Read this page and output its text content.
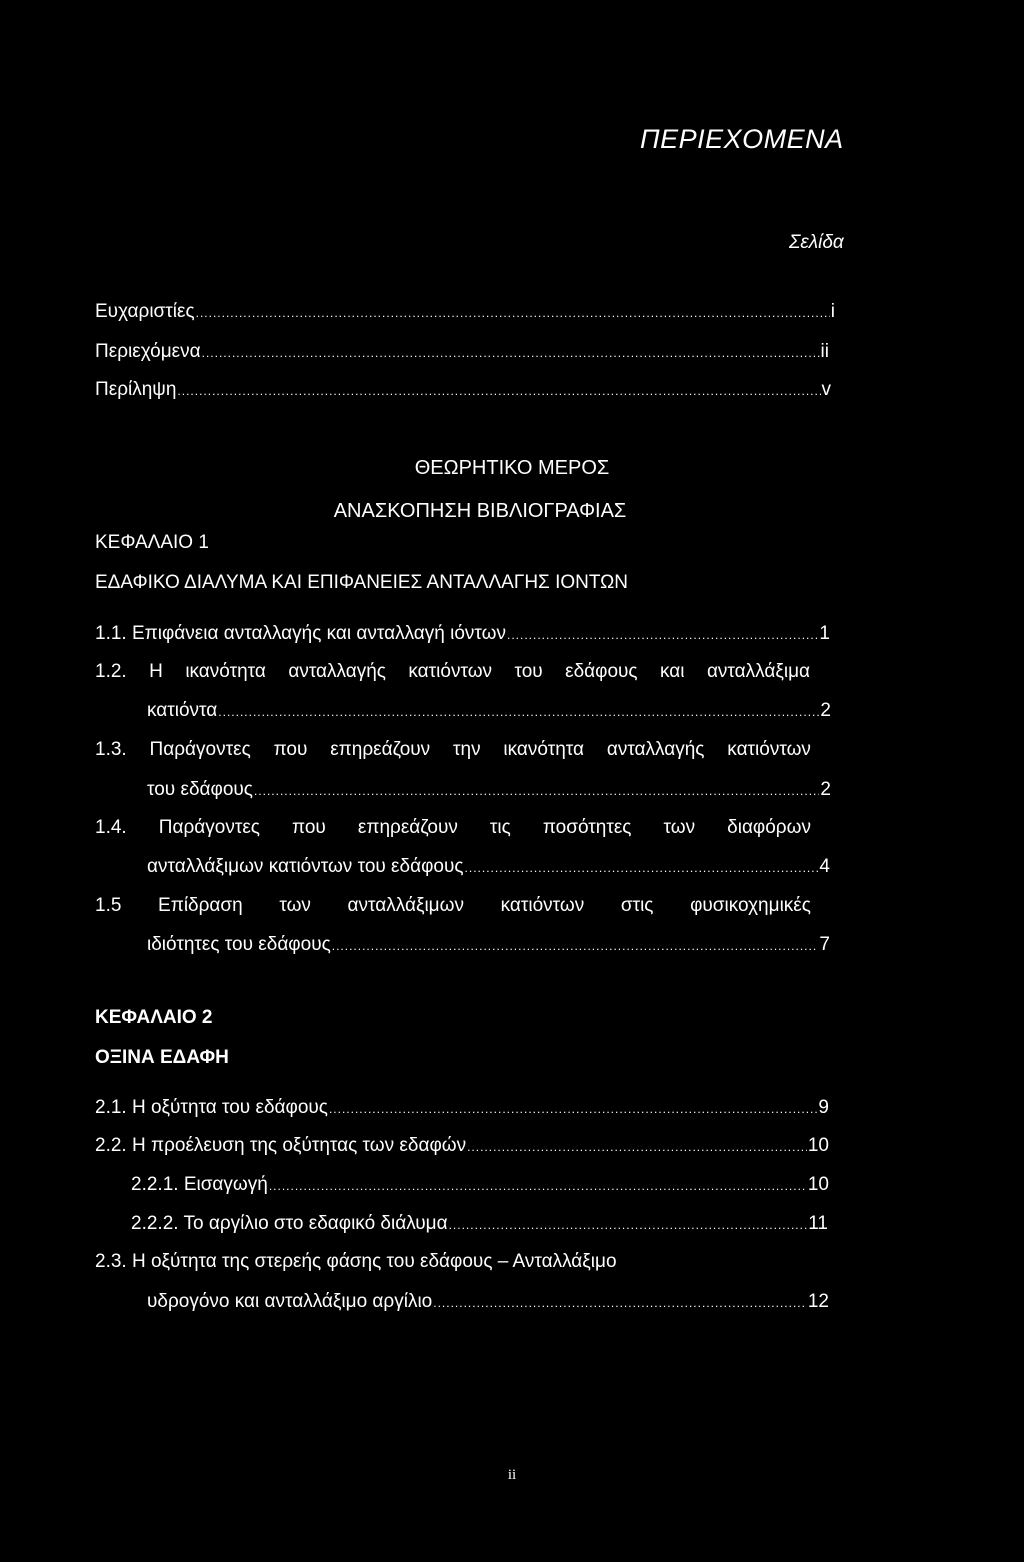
ΠΕΡΙΕΧΟΜΕΝΑ
Σελίδα
Ευχαριστίες .....	i
Περιεχόμενα .....	ii
Περίληψη .....	v
ΘΕΩΡΗΤΙΚΟ ΜΕΡΟΣ
ΑΝΑΣΚΟΠΗΣΗ ΒΙΒΛΙΟΓΡΑΦΙΑΣ
ΚΕΦΑΛΑΙΟ 1
ΕΔΑΦΙΚΟ ΔΙΑΛΥΜΑ ΚΑΙ ΕΠΙΦΑΝΕΙΕΣ ΑΝΤΑΛΛΑΓΗΣ ΙΟΝΤΩΝ
1.1. Επιφάνεια ανταλλαγής και ανταλλαγή ιόντων .....	1
1.2. Η ικανότητα ανταλλαγής κατιόντων του εδάφους και ανταλλάξιμα
κατιόντα .....	2
1.3. Παράγοντες που επηρεάζουν την ικανότητα ανταλλαγής κατιόντων
του εδάφους .....	2
1.4. Παράγοντες που επηρεάζουν τις ποσότητες των διαφόρων
ανταλλάξιμων κατιόντων του εδάφους .....	4
1.5 Επίδραση των ανταλλάξιμων κατιόντων στις φυσικοχημικές
ιδιότητες του εδάφους .....	7
ΚΕΦΑΛΑΙΟ 2
ΟΞΙΝΑ ΕΔΑΦΗ
2.1. Η οξύτητα του εδάφους .....	9
2.2. Η προέλευση της οξύτητας των εδαφών .....	10
2.2.1. Εισαγωγή .....	10
2.2.2. Το αργίλιο στο εδαφικό διάλυμα .....	11
2.3. Η οξύτητα της στερεής φάσης του εδάφους – Ανταλλάξιμο
υδρογόνο και ανταλλάξιμο αργίλιο .....	12
ii
